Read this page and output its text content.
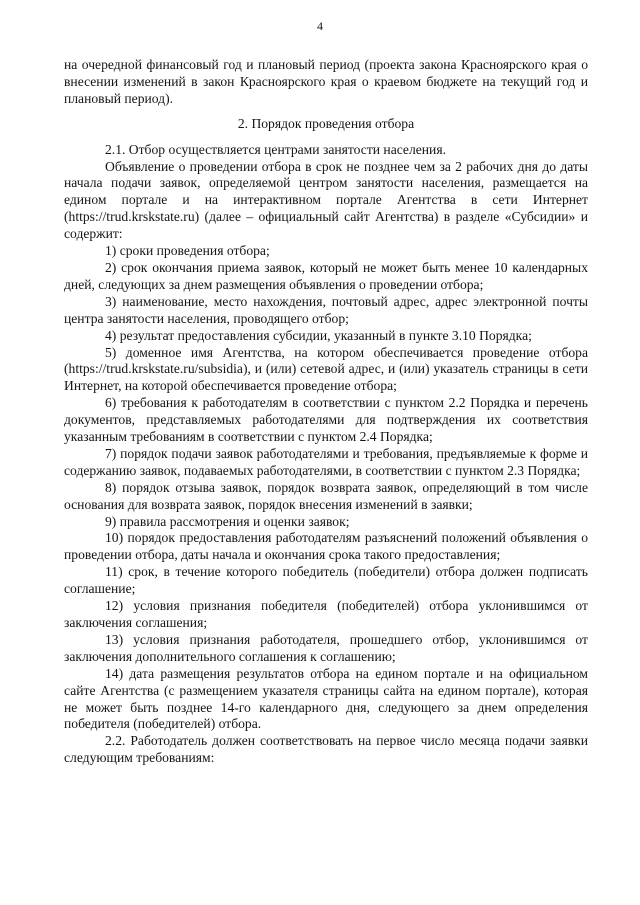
4

на очередной финансовый год и плановый период (проекта закона Красноярского края о внесении изменений в закон Красноярского края о краевом бюджете на текущий год и плановый период).

2. Порядок проведения отбора

2.1. Отбор осуществляется центрами занятости населения.

Объявление о проведении отбора в срок не позднее чем за 2 рабочих дня до даты начала подачи заявок, определяемой центром занятости населения, размещается на едином портале и на интерактивном портале Агентства в сети Интернет (https://trud.krskstate.ru) (далее – официальный сайт Агентства) в разделе «Субсидии» и содержит:

1) сроки проведения отбора;

2) срок окончания приема заявок, который не может быть менее 10 календарных дней, следующих за днем размещения объявления о проведении отбора;

3) наименование, место нахождения, почтовый адрес, адрес электронной почты центра занятости населения, проводящего отбор;

4) результат предоставления субсидии, указанный в пункте 3.10 Порядка;

5) доменное имя Агентства, на котором обеспечивается проведение отбора (https://trud.krskstate.ru/subsidia), и (или) сетевой адрес, и (или) указатель страницы в сети Интернет, на которой обеспечивается проведение отбора;

6) требования к работодателям в соответствии с пунктом 2.2 Порядка и перечень документов, представляемых работодателями для подтверждения их соответствия указанным требованиям в соответствии с пунктом 2.4 Порядка;

7) порядок подачи заявок работодателями и требования, предъявляемые к форме и содержанию заявок, подаваемых работодателями, в соответствии с пунктом 2.3 Порядка;

8) порядок отзыва заявок, порядок возврата заявок, определяющий в том числе основания для возврата заявок, порядок внесения изменений в заявки;

9) правила рассмотрения и оценки заявок;

10) порядок предоставления работодателям разъяснений положений объявления о проведении отбора, даты начала и окончания срока такого предоставления;

11) срок, в течение которого победитель (победители) отбора должен подписать соглашение;

12) условия признания победителя (победителей) отбора уклонившимся от заключения соглашения;

13) условия признания работодателя, прошедшего отбор, уклонившимся от заключения дополнительного соглашения к соглашению;

14) дата размещения результатов отбора на едином портале и на официальном сайте Агентства (с размещением указателя страницы сайта на едином портале), которая не может быть позднее 14-го календарного дня, следующего за днем определения победителя (победителей) отбора.

2.2. Работодатель должен соответствовать на первое число месяца подачи заявки следующим требованиям:
